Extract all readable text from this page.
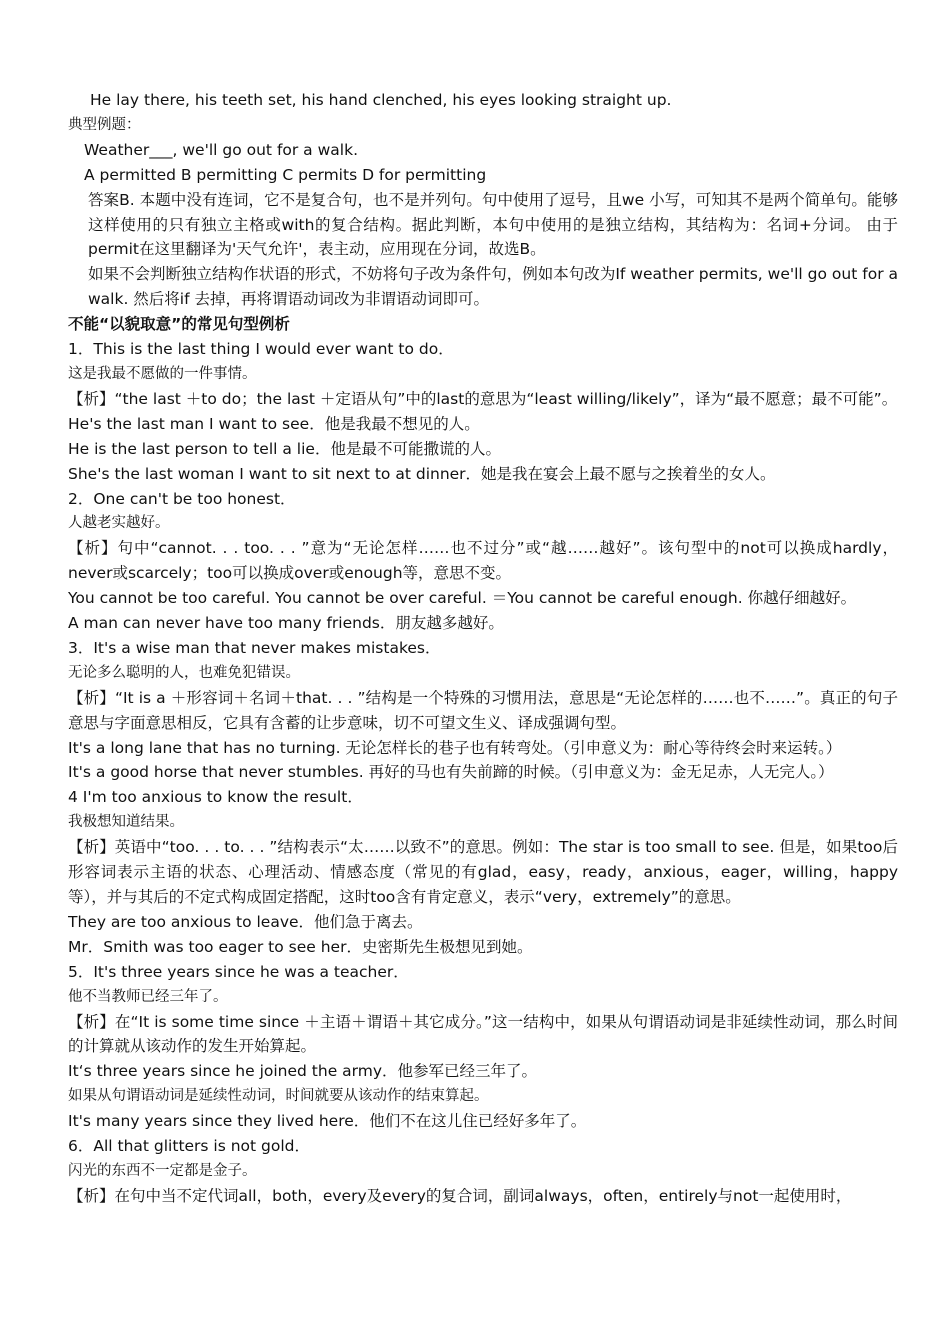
He lay there, his teeth set, his hand clenched, his eyes looking straight up.
典型例题：
Weather___, we'll go out for a walk.
A permitted B permitting C permits D for permitting
答案B. 本题中没有连词，它不是复合句，也不是并列句。句中使用了逗号，且we 小写，可知其不是两个简单句。能够这样使用的只有独立主格或with的复合结构。据此判断，本句中使用的是独立结构，其结构为：名词+分词。 由于permit在这里翻译为'天气允许'，表主动，应用现在分词，故选B。
如果不会判断独立结构作状语的形式，不妨将句子改为条件句，例如本句改为If weather permits, we'll go out for a walk. 然后将if 去掉，再将谓语动词改为非谓语动词即可。
不能“以貌取意”的常见句型例析
1．This is the last thing I would ever want to do．
这是我最不愿做的一件事情。
【析】“the last ＋to do；the last ＋定语从句”中的last的意思为“least willing/likely”，译为“最不愿意；最不可能”。
He's the last man I want to see．他是我最不想见的人。
He is the last person to tell a lie．他是最不可能撒谎的人。
She's the last woman I want to sit next to at dinner．她是我在宴会上最不愿与之挨着坐的女人。
2．One can't be too honest．
人越老实越好。
【析】句中“cannot. . . too. . . ”意为“无论怎样……也不过分”或“越……越好”。该句型中的not可以换成hardly，never或scarcely；too可以换成over或enough等，意思不变。
You cannot be too careful. You cannot be over careful. ＝You cannot be careful enough. 你越仔细越好。
A man can never have too many friends．朋友越多越好。
3．It's a wise man that never makes mistakes．
无论多么聪明的人，也难免犯错误。
【析】“It is a ＋形容词＋名词＋that. . . ”结构是一个特殊的习惯用法，意思是“无论怎样的……也不……”。真正的句子意思与字面意思相反，它具有含蓄的让步意味，切不可望文生义、译成强调句型。
It's a long lane that has no turning. 无论怎样长的巷子也有转弯处。（引申意义为：耐心等待终会时来运转。）
It's a good horse that never stumbles. 再好的马也有失前蹄的时候。（引申意义为：金无足赤，人无完人。）
4 I'm too anxious to know the result．
我极想知道结果。
【析】英语中“too. . . to. . . ”结构表示“太……以致不”的意思。例如：The star is too small to see. 但是，如果too后形容词表示主语的状态、心理活动、情感态度（常见的有glad，easy，ready，anxious，eager，willing，happy等），并与其后的不定式构成固定搭配，这时too含有肯定意义，表示“very，extremely”的意思。
They are too anxious to leave．他们急于离去。
Mr．Smith was too eager to see her．史密斯先生极想见到她。
5．It's three years since he was a teacher．
他不当教师已经三年了。
【析】在“It is some time since ＋主语＋谓语＋其它成分。”这一结构中，如果从句谓语动词是非延续性动词，那么时间的计算就从该动作的发生开始算起。
It‘s three years since he joined the army．他参军已经三年了。
如果从句谓语动词是延续性动词，时间就要从该动作的结束算起。
It's many years since they lived here．他们不在这儿住已经好多年了。
6．All that glitters is not gold．
闪光的东西不一定都是金子。
【析】在句中当不定代词all，both，every及every的复合词，副词always，often，entirely与not一起使用时，
